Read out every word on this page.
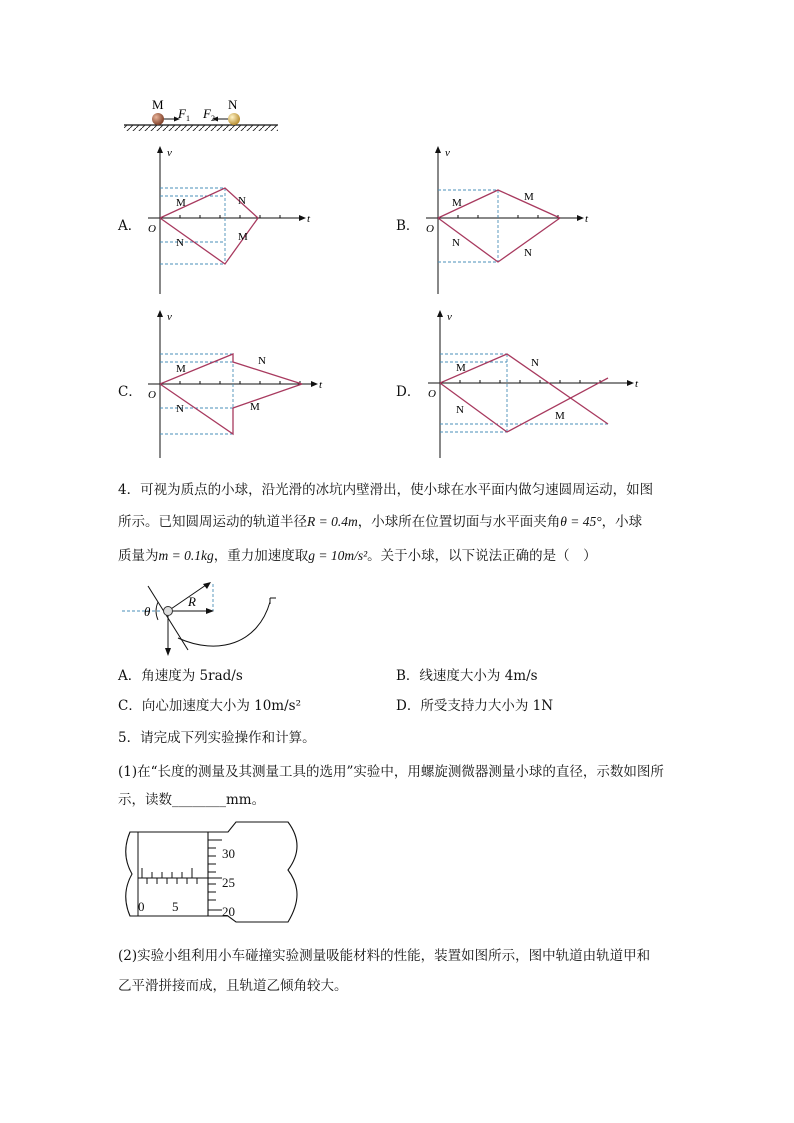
M	N
$F_1$ $F_2$
A．
v
t
O
M
N
N
M
B．
v
t
O
M
N
M
N
C．
v
t
O
M
N
N
M
D．
v
t
O
M
N
N
M
4．可视为质点的小球，沿光滑的冰坑内壁滑出，使小球在水平面内做匀速圆周运动，如图
所示。已知圆周运动的轨道半径R = 0.4m，小球所在位置切面与水平面夹角θ = 45°，小球
质量为m = 0.1kg，重力加速度取g = 10m/s²。关于小球，以下说法正确的是（　）
θ
R
A．角速度为 5rad/s	B．线速度大小为 4m/s
C．向心加速度大小为 10m/s²	D．所受支持力大小为 1N
5．请完成下列实验操作和计算。
(1)在“长度的测量及其测量工具的选用”实验中，用螺旋测微器测量小球的直径，示数如图所
示，读数________mm。
30
25
20
0 5
(2)实验小组利用小车碰撞实验测量吸能材料的性能，装置如图所示，图中轨道由轨道甲和
乙平滑拼接而成，且轨道乙倾角较大。
